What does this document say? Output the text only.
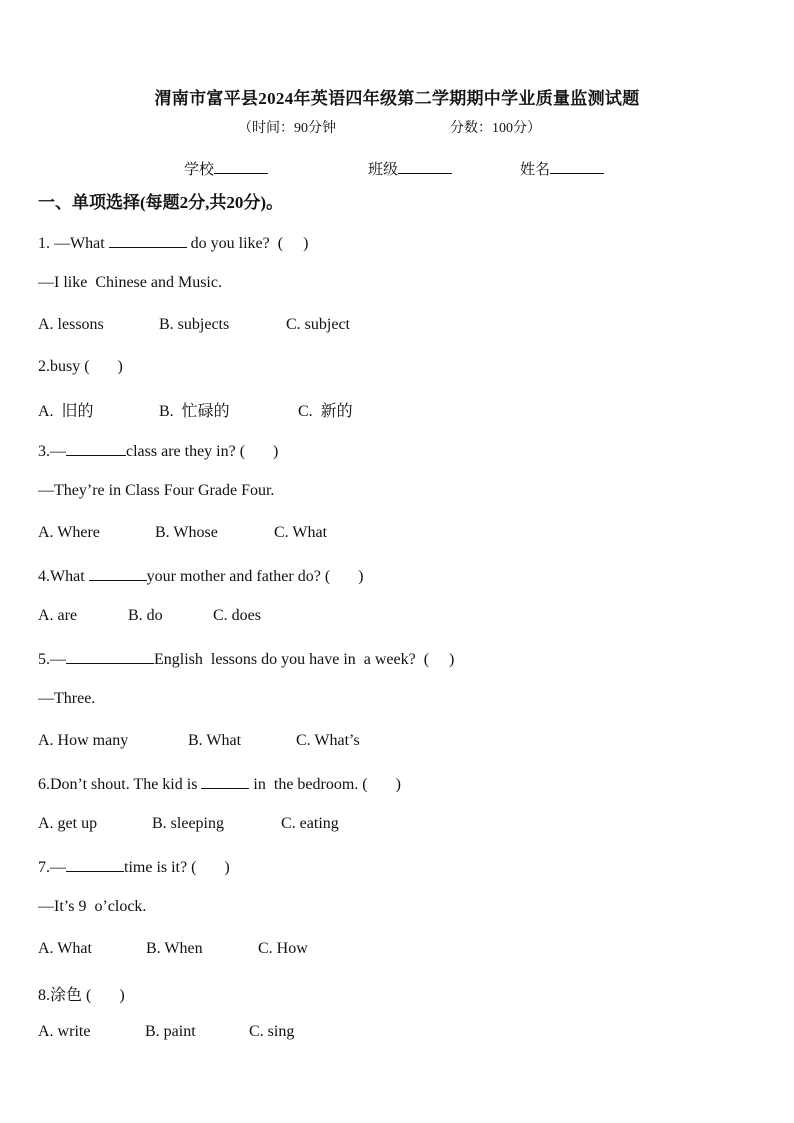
渭南市富平县2024年英语四年级第二学期期中学业质量监测试题
（时间：90分钟	分数：100分）
学校	班级	姓名
一、单项选择(每题2分,共20分)。
1. —What	do you like?  (     )
—I like  Chinese and Music.
A. lessons	B. subjects	C. subject
2.busy (       )
A.  旧的	B.  忙碌的	C.  新的
3.—	class are they in? (       )
—They’re in Class Four Grade Four.
A. Where	B. Whose	C. What
4.What	your mother and father do? (       )
A. are	B. do	C. does
5.—	English  lessons do you have in  a week?  (     )
—Three.
A. How many	B. What	C. What’s
6.Don’t shout. The kid is	in  the bedroom. (       )
A. get up	B. sleeping	C. eating
7.—	time is it? (       )
—It’s 9  o’clock.
A. What	B. When	C. How
8.涂色 (       )
A. write	B. paint	C. sing
